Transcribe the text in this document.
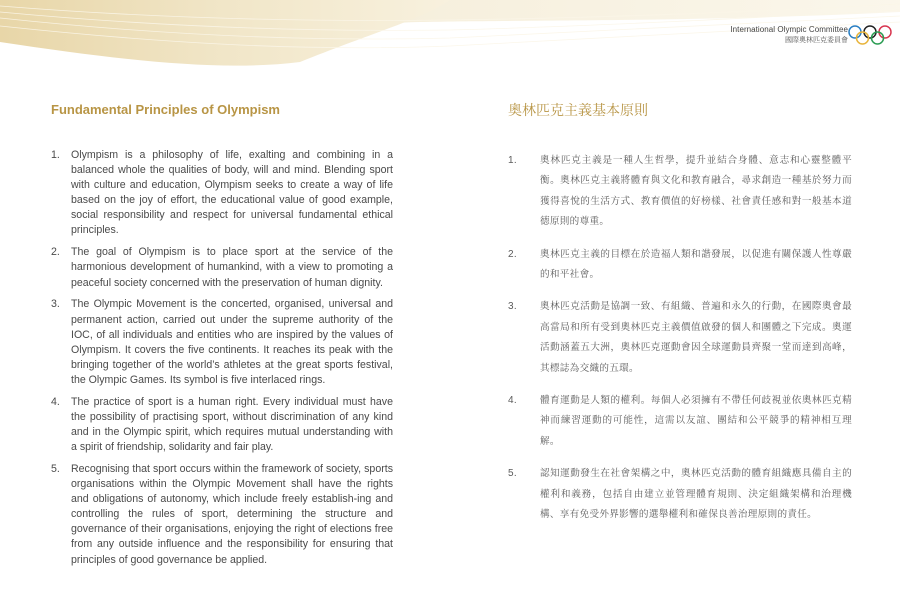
International Olympic Committee
國際奧林匹克委員會
Fundamental Principles of Olympism	奧林匹克主義基本原則
1. Olympism is a philosophy of life, exalting and combining in a balanced whole the qualities of body, will and mind. Blending sport with culture and education, Olympism seeks to create a way of life based on the joy of effort, the educational value of good example, social responsibility and respect for universal fundamental ethical principles.
2. The goal of Olympism is to place sport at the service of the harmonious development of humankind, with a view to promoting a peaceful society concerned with the preservation of human dignity.
3. The Olympic Movement is the concerted, organised, universal and permanent action, carried out under the supreme authority of the IOC, of all individuals and entities who are inspired by the values of Olympism. It covers the five continents. It reaches its peak with the bringing together of the world’s athletes at the great sports festival, the Olympic Games. Its symbol is five interlaced rings.
4. The practice of sport is a human right. Every individual must have the possibility of practising sport, without discrimination of any kind and in the Olympic spirit, which requires mutual understanding with a spirit of friendship, solidarity and fair play.
5. Recognising that sport occurs within the framework of society, sports organisations within the Olympic Movement shall have the rights and obligations of autonomy, which include freely establish-ing and controlling the rules of sport, determining the structure and governance of their organisations, enjoying the right of elections free from any outside influence and the responsibility for ensuring that principles of good governance be applied.
1. 奧林匹克主義是一種人生哲學，提升並結合身體、意志和心靈整體平衡。奧林匹克主義將體育與文化和教育融合，尋求創造一種基於努力而獲得喜悅的生活方式、教育價值的好榜樣、社會責任感和對一般基本道德原則的尊重。
2. 奧林匹克主義的目標在於造福人類和諧發展，以促進有關保護人性尊嚴的和平社會。
3. 奧林匹克活動是協調一致、有組織、普遍和永久的行動，在國際奧會最高當局和所有受到奧林匹克主義價值啟發的個人和團體之下完成。奧運活動涵蓋五大洲，奧林匹克運動會因全球運動員齊聚一堂而達到高峰，其標誌為交織的五環。
4. 體育運動是人類的權利。每個人必須擁有不帶任何歧視並依奧林匹克精神而練習運動的可能性，這需以友誼、團結和公平競爭的精神相互理解。
5. 認知運動發生在社會架構之中，奧林匹克活動的體育組織應具備自主的權利和義務，包括自由建立並管理體育規則、決定組織架構和治理機構、享有免受外界影響的選舉權利和確保良善治理原則的責任。
